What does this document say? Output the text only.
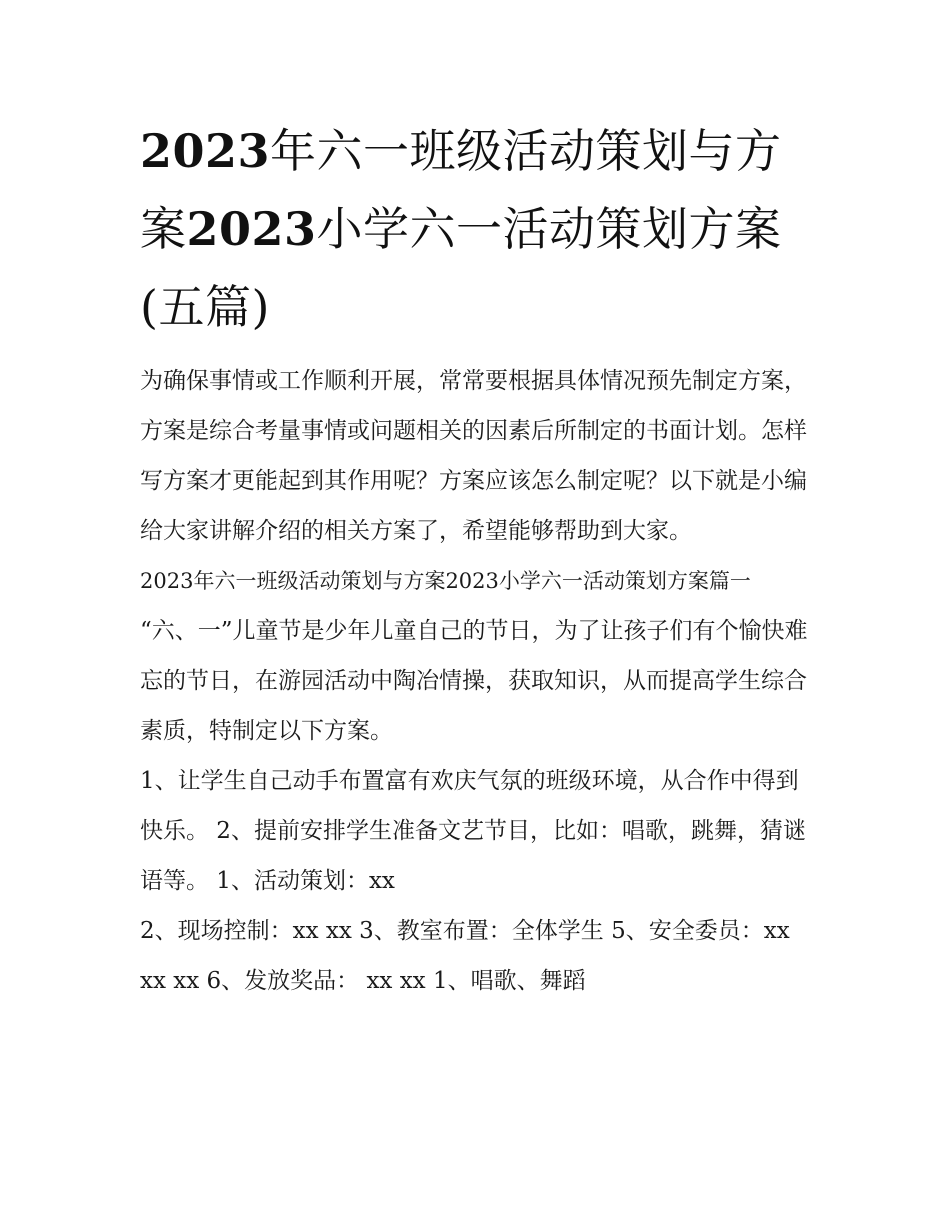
2023年六一班级活动策划与方案2023小学六一活动策划方案(五篇)

为确保事情或工作顺利开展，常常要根据具体情况预先制定方案，方案是综合考量事情或问题相关的因素后所制定的书面计划。怎样写方案才更能起到其作用呢？方案应该怎么制定呢？以下就是小编给大家讲解介绍的相关方案了，希望能够帮助到大家。

2023年六一班级活动策划与方案2023小学六一活动策划方案篇一

“六、一”儿童节是少年儿童自己的节日，为了让孩子们有个愉快难忘的节日，在游园活动中陶冶情操，获取知识，从而提高学生综合素质，特制定以下方案。

1、让学生自己动手布置富有欢庆气氛的班级环境，从合作中得到快乐。 2、提前安排学生准备文艺节目，比如：唱歌，跳舞，猜谜语等。 1、活动策划：xx

2、现场控制：xx xx 3、教室布置：全体学生 5、安全委员：xx xx xx 6、发放奖品： xx xx 1、唱歌、舞蹈
